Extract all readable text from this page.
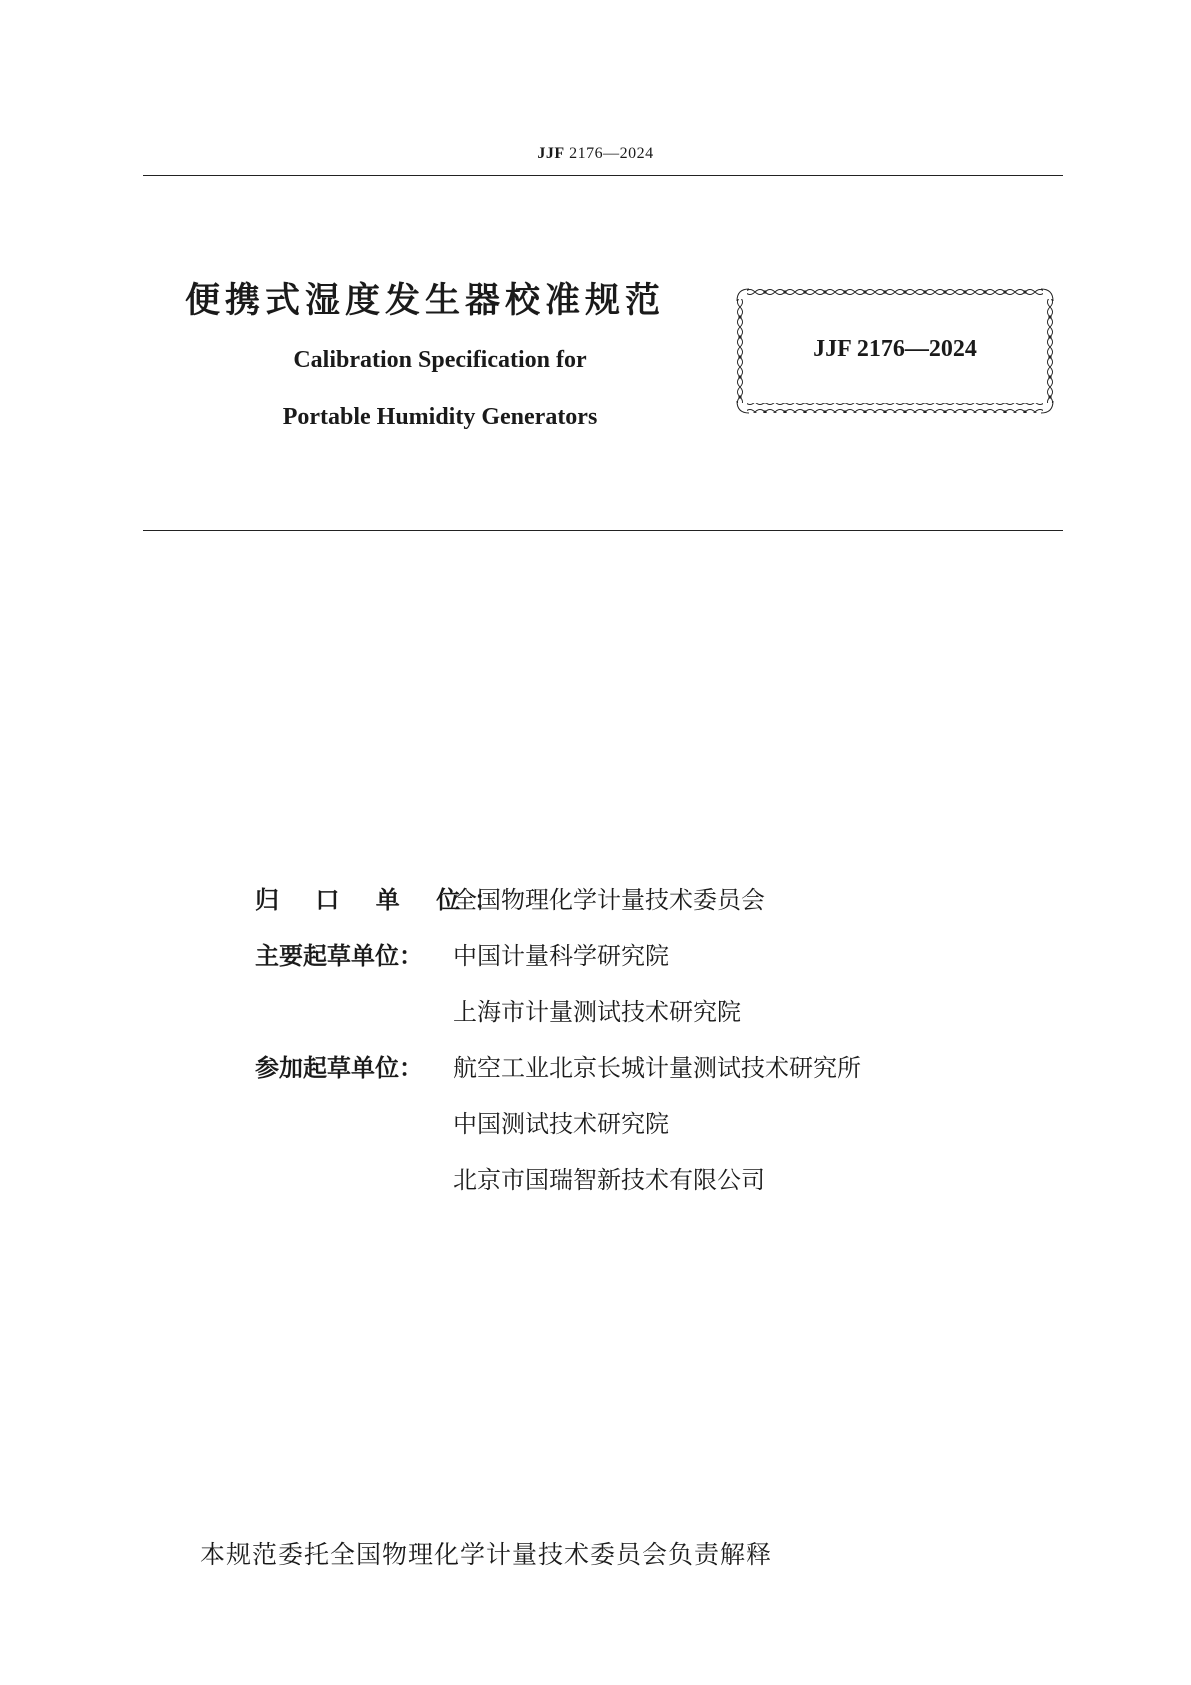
JJF 2176—2024
便携式湿度发生器校准规范
Calibration Specification for
Portable Humidity Generators
JJF 2176—2024
归 口 单 位：
全国物理化学计量技术委员会
主要起草单位：	中国计量科学研究院
上海市计量测试技术研究院
参加起草单位：	航空工业北京长城计量测试技术研究所
中国测试技术研究院
北京市国瑞智新技术有限公司
本规范委托全国物理化学计量技术委员会负责解释
